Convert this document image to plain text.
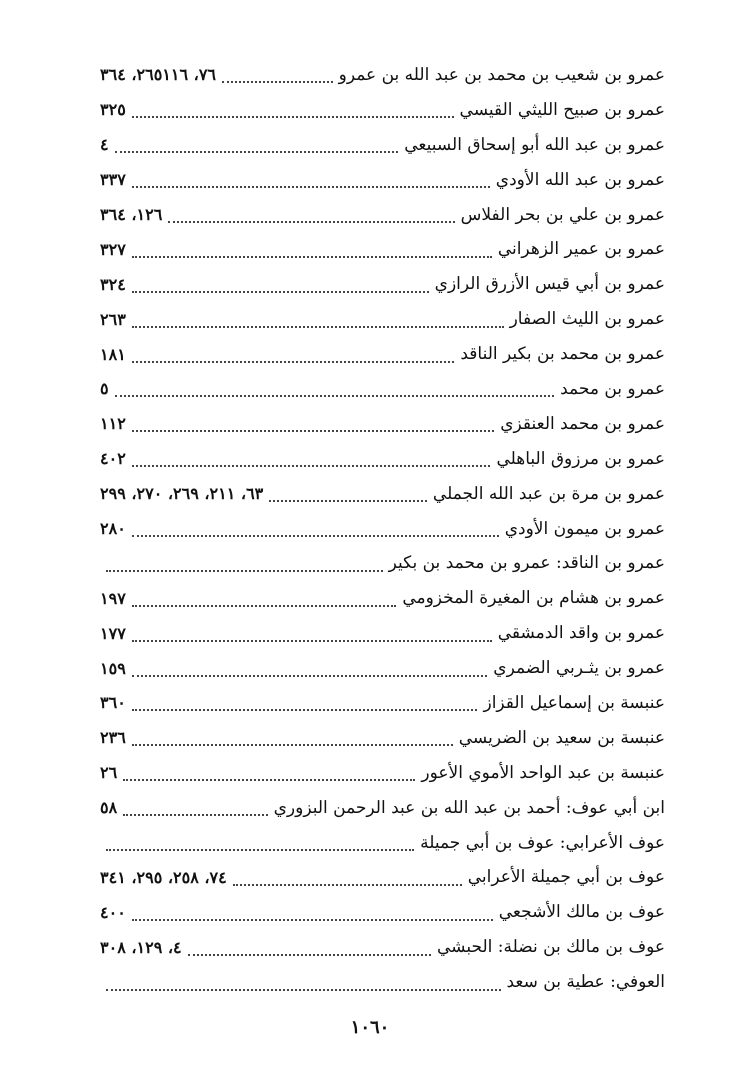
عمرو بن شعيب بن محمد بن عبد الله بن عمرو
٧٦، ٢٦٥١١٦، ٣٦٤
عمرو بن صبيح الليثي القيسي
٣٢٥
عمرو بن عبد الله أبو إسحاق السبيعي
٤
عمرو بن عبد الله الأودي
٣٣٧
عمرو بن علي بن بحر الفلاس
١٢٦، ٣٦٤
عمرو بن عمير الزهراني
٣٢٧
عمرو بن أبي قيس الأزرق الرازي
٣٢٤
عمرو بن الليث الصفار
٢٦٣
عمرو بن محمد بن بكير الناقد
١٨١
عمرو بن محمد
٥
عمرو بن محمد العنقزي
١١٢
عمرو بن مرزوق الباهلي
٤٠٢
عمرو بن مرة بن عبد الله الجملي
٦٣، ٢١١، ٢٦٩، ٢٧٠، ٢٩٩
عمرو بن ميمون الأودي
٢٨٠
عمرو بن الناقد: عمرو بن محمد بن بكير
عمرو بن هشام بن المغيرة المخزومي
١٩٧
عمرو بن واقد الدمشقي
١٧٧
عمرو بن يثـربي الضمري
١٥٩
عنبسة بن إسماعيل القزاز
٣٦٠
عنبسة بن سعيد بن الضريسي
٢٣٦
عنبسة بن عبد الواحد الأموي الأعور
٢٦
ابن أبي عوف: أحمد بن عبد الله بن عبد الرحمن البزوري
٥٨
عوف الأعرابي: عوف بن أبي جميلة
عوف بن أبي جميلة الأعرابي
٧٤، ٢٥٨، ٢٩٥، ٣٤١
عوف بن مالك الأشجعي
٤٠٠
عوف بن مالك بن نضلة: الحبشي
٤، ١٢٩، ٣٠٨
العوفي: عطية بن سعد
١٠٦٠
